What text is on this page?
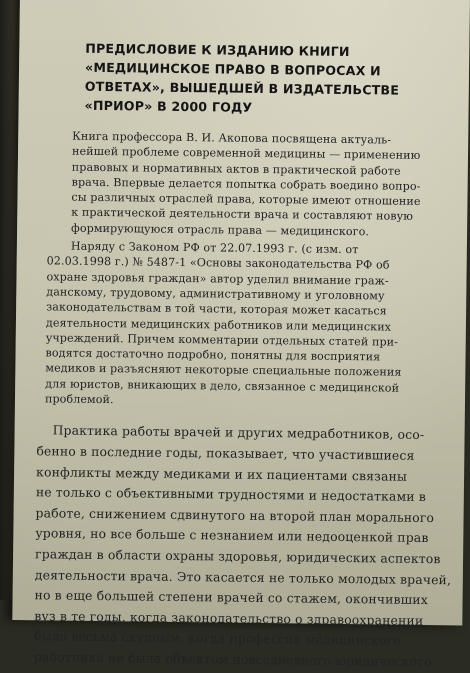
ПРЕДИСЛОВИЕ К ИЗДАНИЮ КНИГИ
«МЕДИЦИНСКОЕ ПРАВО В ВОПРОСАХ И
ОТВЕТАХ», ВЫШЕДШЕЙ В ИЗДАТЕЛЬСТВЕ
«ПРИОР» В 2000 ГОДУ

Книга профессора В. И. Акопова посвящена актуаль-
нейшей проблеме современной медицины — применению
правовых и нормативных актов в практической работе
врача. Впервые делается попытка собрать воедино вопро-
сы различных отраслей права, которые имеют отношение
к практической деятельности врача и составляют новую
формирующуюся отрасль права — медицинского.

Наряду с Законом РФ от 22.07.1993 г. (с изм. от
02.03.1998 г.) № 5487-1 «Основы законодательства РФ об
охране здоровья граждан» автор уделил внимание граж-
данскому, трудовому, административному и уголовному
законодательствам в той части, которая может касаться
деятельности медицинских работников или медицинских
учреждений. Причем комментарии отдельных статей при-
водятся достаточно подробно, понятны для восприятия
медиков и разъясняют некоторые специальные положения
для юристов, вникающих в дело, связанное с медицинской
проблемой.

Практика работы врачей и других медработников, осо-
бенно в последние годы, показывает, что участившиеся
конфликты между медиками и их пациентами связаны
не только с объективными трудностями и недостатками в
работе, снижением сдвинутого на второй план морального
уровня, но все больше с незнанием или недооценкой прав
граждан в области охраны здоровья, юридических аспектов
деятельности врача. Это касается не только молодых врачей,
но в еще большей степени врачей со стажем, окончивших
вуз в те годы, когда законодательство о здравоохранении
было весьма скудным, когда профессия медицинского
работника не была объектом повседневного юридического
